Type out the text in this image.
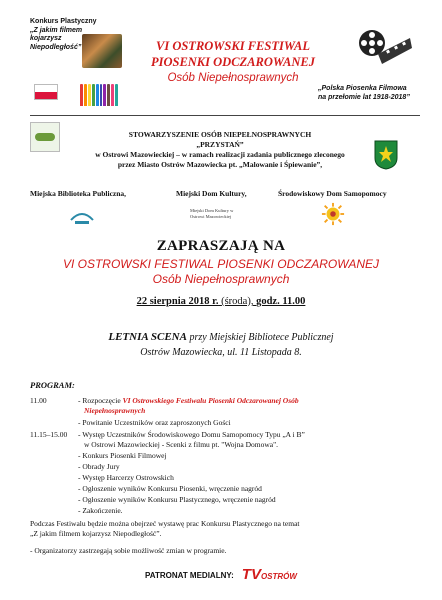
Konkurs Plastyczny
„Z jakim filmem kojarzysz Niepodległość”	VI OSTROWSKI FESTIWAL
PIOSENKI ODCZAROWANEJ
Osób Niepełnosprawnych
„Polska Piosenka Filmowa
na przełomie lat 1918-2018”
STOWARZYSZENIE OSÓB NIEPEŁNOSPRAWNYCH
„PRZYSTAŃ”
w Ostrowi Mazowieckiej – w ramach realizacji zadania publicznego zleconego
przez Miasto Ostrów Mazowiecka pt. „Malowanie i Śpiewanie”,
Miejska Biblioteka Publiczna,	Miejski Dom Kultury,	Środowiskowy Dom Samopomocy
Miejski Dom Kultury w Ostrowi Mazowieckiej
ZAPRASZAJĄ NA
VI OSTROWSKI FESTIWAL PIOSENKI ODCZAROWANEJ
Osób Niepełnosprawnych
22 sierpnia 2018 r. (środa), godz. 11.00
LETNIA SCENA przy Miejskiej Bibliotece Publicznej
Ostrów Mazowiecka, ul. 11 Listopada 8.
PROGRAM:
11.00	- Rozpoczęcie VI Ostrowskiego Festiwalu Piosenki Odczarowanej Osób
Niepełnosprawnych
- Powitanie Uczestników oraz zaproszonych Gości
11.15–15.00 - Występ Uczestników Środowiskowego Domu Samopomocy Typu „A i B”
w Ostrowi Mazowieckiej - Scenki z filmu pt. "Wojna Domowa".
- Konkurs Piosenki Filmowej
- Obrady Jury
- Występ Harcerzy Ostrowskich
- Ogłoszenie wyników Konkursu Piosenki, wręczenie nagród
- Ogłoszenie wyników Konkursu Plastycznego, wręczenie nagród
- Zakończenie.
Podczas Festiwalu będzie można obejrzeć wystawę prac Konkursu Plastycznego na temat
„Z jakim filmem kojarzysz Niepodległość”.
- Organizatorzy zastrzegają sobie możliwość zmian w programie.
PATRONAT MEDIALNY: TVOSTRÓW
